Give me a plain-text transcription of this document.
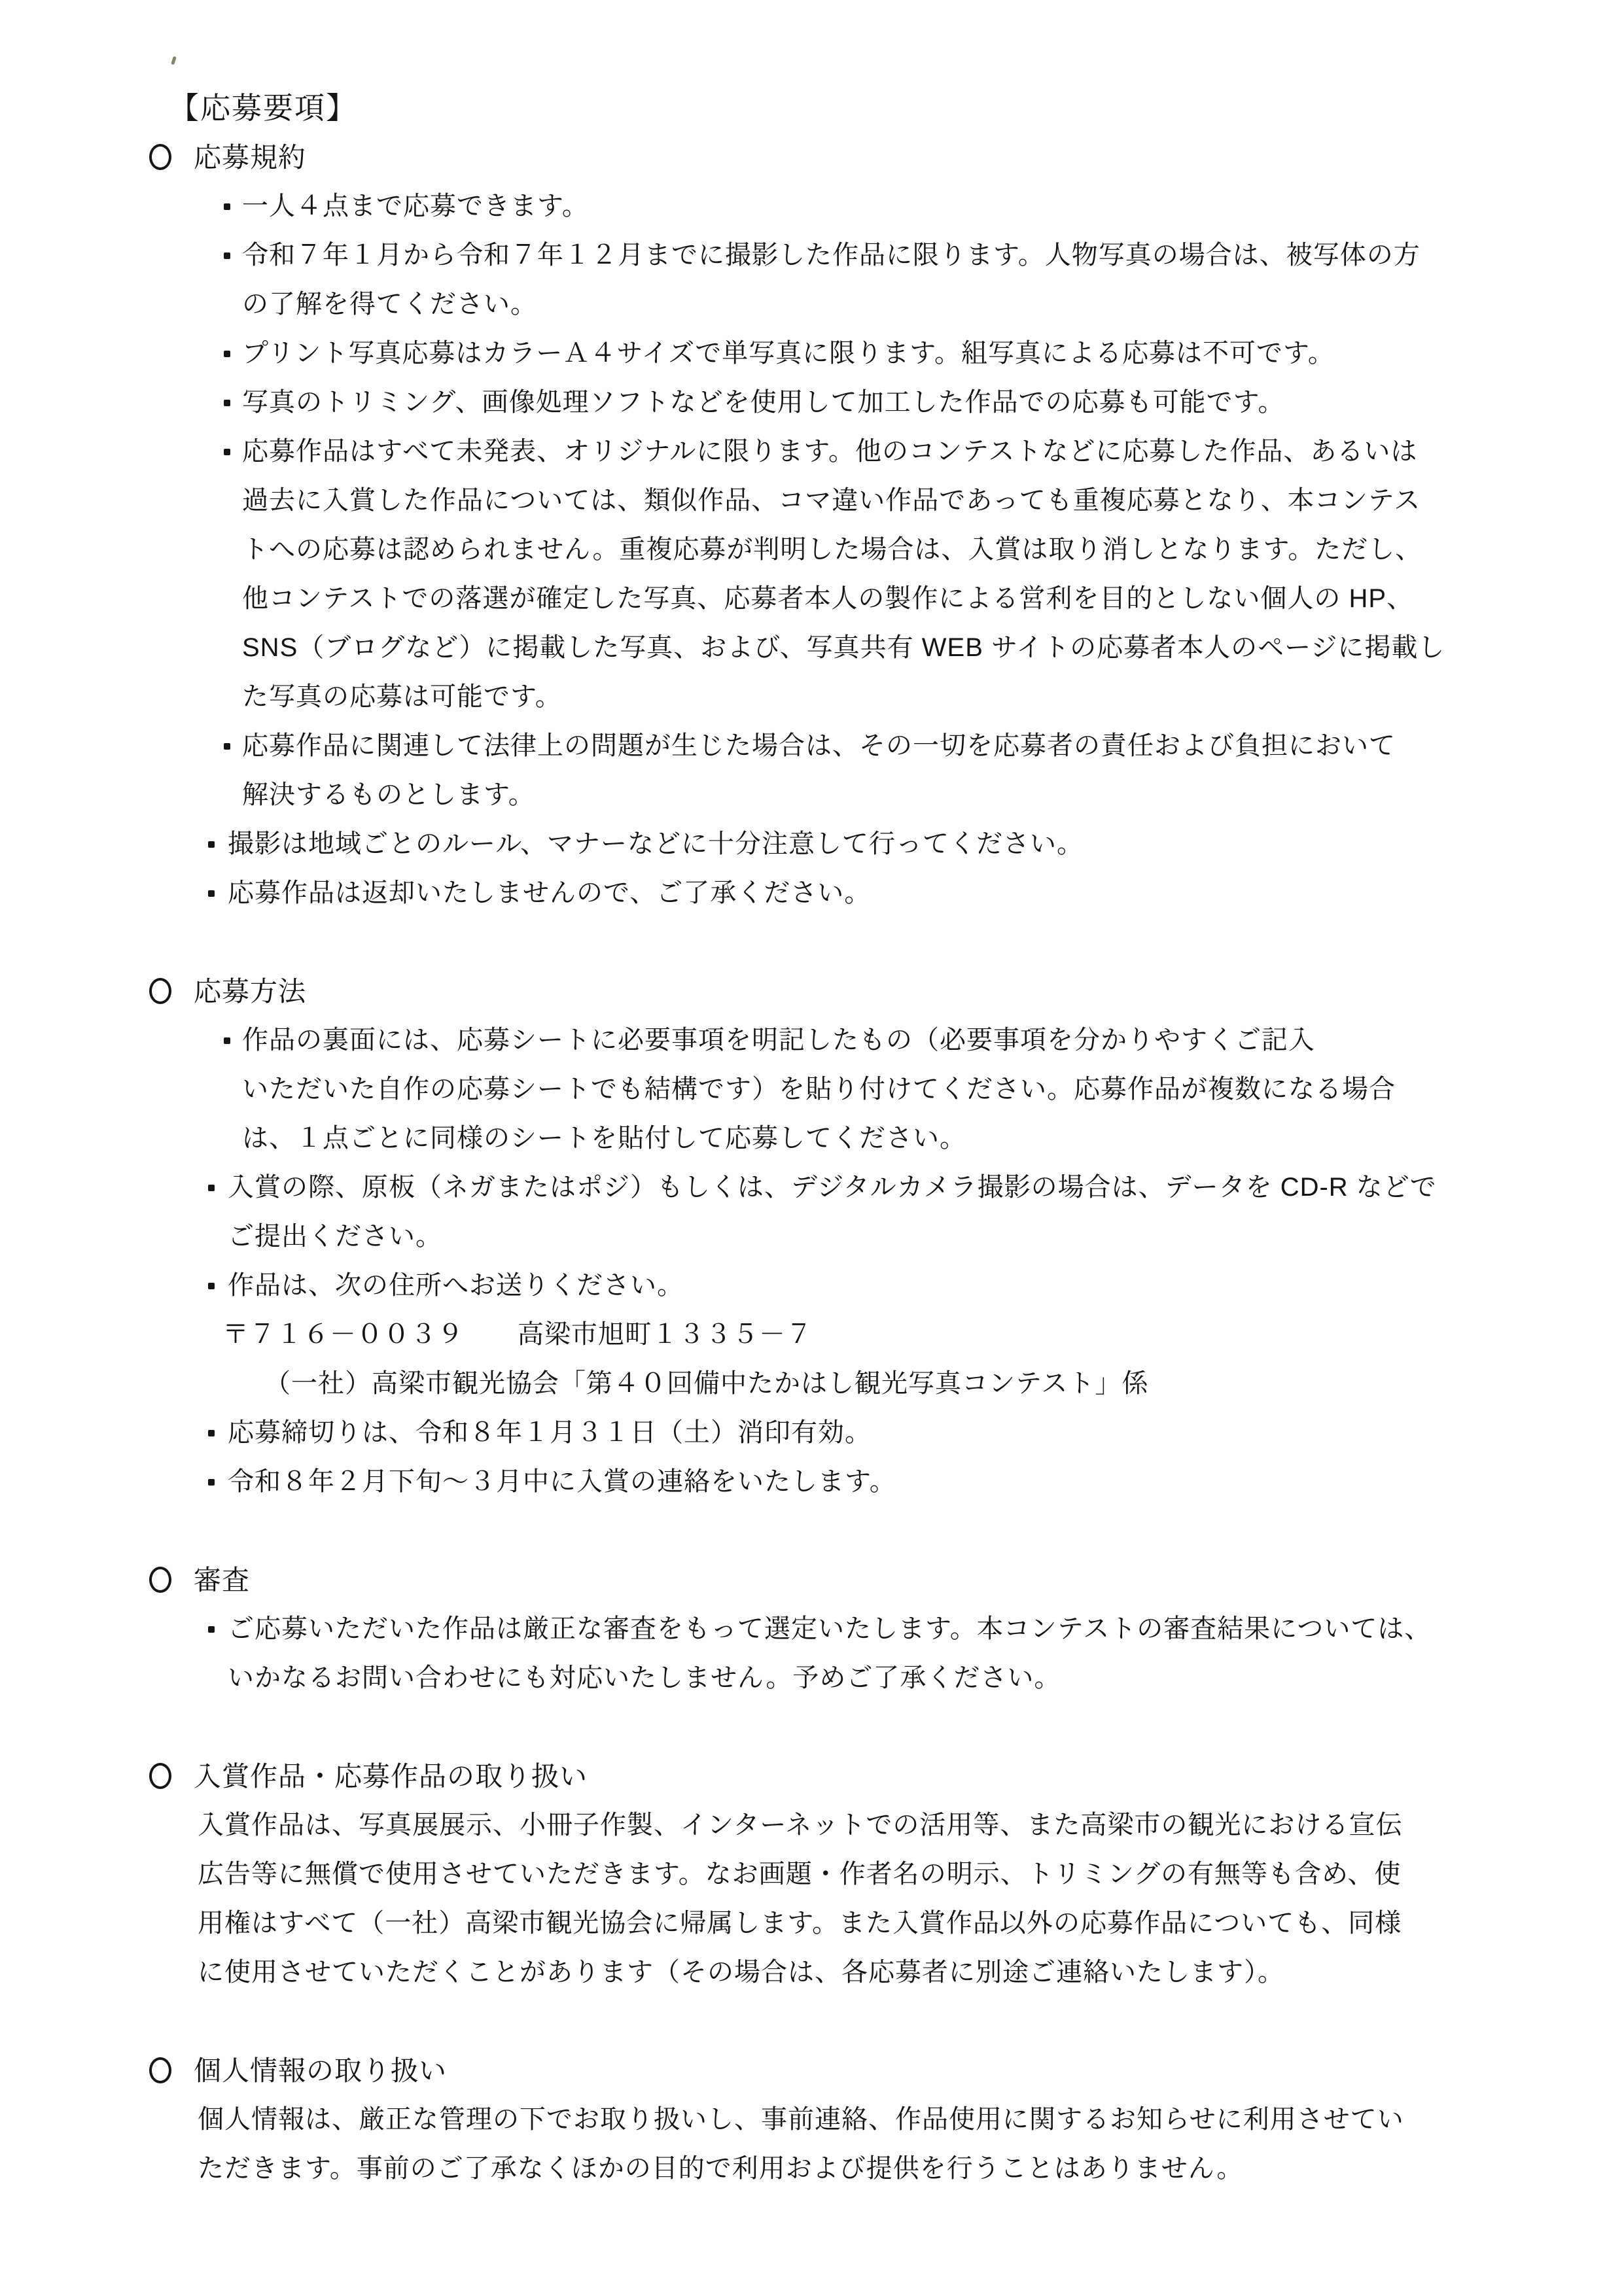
【応募要項】
応募規約
一人４点まで応募できます。
令和７年１月から令和７年１２月までに撮影した作品に限ります。人物写真の場合は、被写体の方
の了解を得てください。
プリント写真応募はカラーＡ４サイズで単写真に限ります。組写真による応募は不可です。
写真のトリミング、画像処理ソフトなどを使用して加工した作品での応募も可能です。
応募作品はすべて未発表、オリジナルに限ります。他のコンテストなどに応募した作品、あるいは
過去に入賞した作品については、類似作品、コマ違い作品であっても重複応募となり、本コンテス
トへの応募は認められません。重複応募が判明した場合は、入賞は取り消しとなります。ただし、
他コンテストでの落選が確定した写真、応募者本人の製作による営利を目的としない個人の HP、
SNS（ブログなど）に掲載した写真、および、写真共有 WEB サイトの応募者本人のページに掲載し
た写真の応募は可能です。
応募作品に関連して法律上の問題が生じた場合は、その一切を応募者の責任および負担において
解決するものとします。
撮影は地域ごとのルール、マナーなどに十分注意して行ってください。
応募作品は返却いたしませんので、ご了承ください。
応募方法
作品の裏面には、応募シートに必要事項を明記したもの（必要事項を分かりやすくご記入
いただいた自作の応募シートでも結構です）を貼り付けてください。応募作品が複数になる場合
は、１点ごとに同様のシートを貼付して応募してください。
入賞の際、原板（ネガまたはポジ）もしくは、デジタルカメラ撮影の場合は、データを CD-R などで
ご提出ください。
作品は、次の住所へお送りください。
〒７１６－００３９　　高梁市旭町１３３５－７
（一社）高梁市観光協会「第４０回備中たかはし観光写真コンテスト」係
応募締切りは、令和８年１月３１日（土）消印有効。
令和８年２月下旬～３月中に入賞の連絡をいたします。
審査
ご応募いただいた作品は厳正な審査をもって選定いたします。本コンテストの審査結果については、
いかなるお問い合わせにも対応いたしません。予めご了承ください。
入賞作品・応募作品の取り扱い
入賞作品は、写真展展示、小冊子作製、インターネットでの活用等、また高梁市の観光における宣伝
広告等に無償で使用させていただきます。なお画題・作者名の明示、トリミングの有無等も含め、使
用権はすべて（一社）高梁市観光協会に帰属します。また入賞作品以外の応募作品についても、同様
に使用させていただくことがあります（その場合は、各応募者に別途ご連絡いたします）。
個人情報の取り扱い
個人情報は、厳正な管理の下でお取り扱いし、事前連絡、作品使用に関するお知らせに利用させてい
ただきます。事前のご了承なくほかの目的で利用および提供を行うことはありません。
